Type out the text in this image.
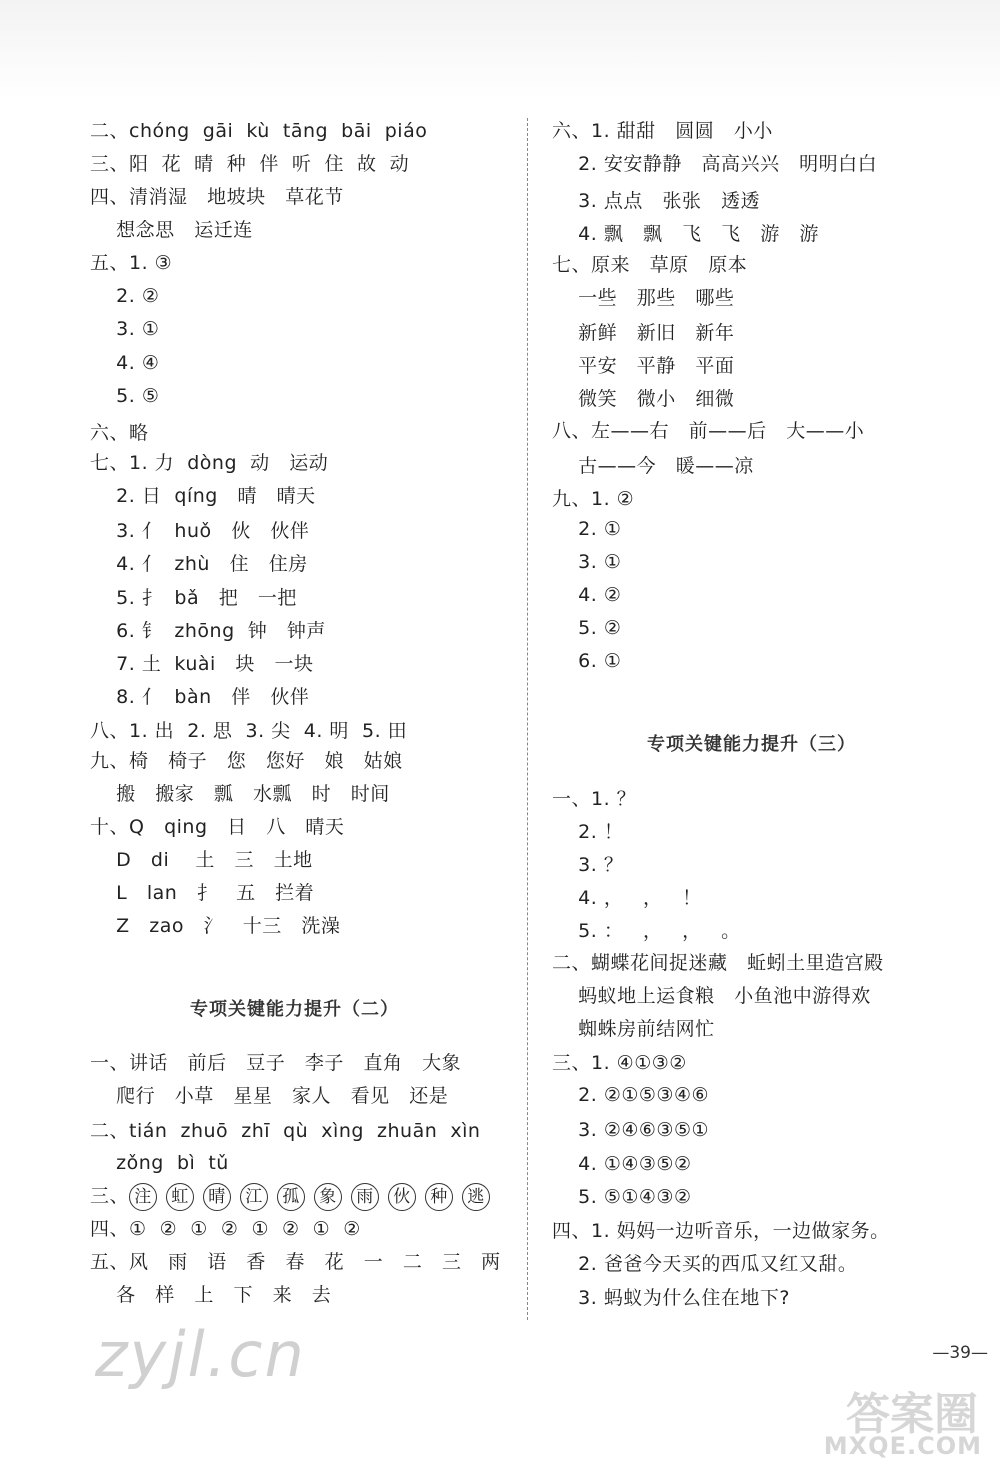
二、chóng  gāi  kù  tāng  bāi  piáo
三、阳  花  晴  种  伴  听  住  故  动
四、清消湿   地坡块   草花节
想念思   运迁连
五、1. ③
2. ②
3. ①
4. ④
5. ⑤
六、略
七、1. 力  dòng  动   运动
2. 日  qíng   晴   晴天
3. 亻  huǒ   伙   伙伴
4. 亻  zhù   住   住房
5. 扌  bǎ   把   一把
6. 钅  zhōng  钟   钟声
7. 土  kuài   块   一块
8. 亻  bàn   伴   伙伴
八、1. 出  2. 思  3. 尖  4. 明  5. 田
九、椅   椅子   您   您好   娘   姑娘
搬   搬家   瓢   水瓢   时   时间
十、Q   qing   日   八   晴天
D   di    土   三   土地
L   lan   扌   五   拦着
Z   zao   氵   十三   洗澡
专项关键能力提升（二）
一、讲话   前后   豆子   李子   直角   大象
爬行   小草   星星   家人   看见   还是
二、tián  zhuō  zhī  qù  xìng  zhuān  xìn
zǒng  bì  tǔ
三、 注 虹 晴 江 孤 象 雨 伙 种 逃
四、①  ②  ①  ②  ①  ②  ①  ②
五、风   雨   语   香   春   花   一   二   三   两
各   样   上   下   来   去
六、1. 甜甜   圆圆   小小
2. 安安静静   高高兴兴   明明白白
3. 点点   张张   透透
4. 飘   飘   飞   飞   游   游
七、原来   草原   原本
一些   那些   哪些
新鲜   新旧   新年
平安   平静   平面
微笑   微小   细微
八、左——右   前——后   大——小
古——今   暖——凉
九、1. ②
2. ①
3. ①
4. ②
5. ②
6. ①
专项关键能力提升（三）
一、1. ？
2. ！
3. ？
4. ，   ，   ！
5. ：   ，   ，   。
二、蝴蝶花间捉迷藏   蚯蚓土里造宫殿
蚂蚁地上运食粮   小鱼池中游得欢
蜘蛛房前结网忙
三、1. ④①③②
2. ②①⑤③④⑥
3. ②④⑥③⑤①
4. ①④③⑤②
5. ⑤①④③②
四、1. 妈妈一边听音乐，一边做家务。
2. 爸爸今天买的西瓜又红又甜。
3. 蚂蚁为什么住在地下?
—39—
zyjl.cn
答案圈
MXQE.COM
